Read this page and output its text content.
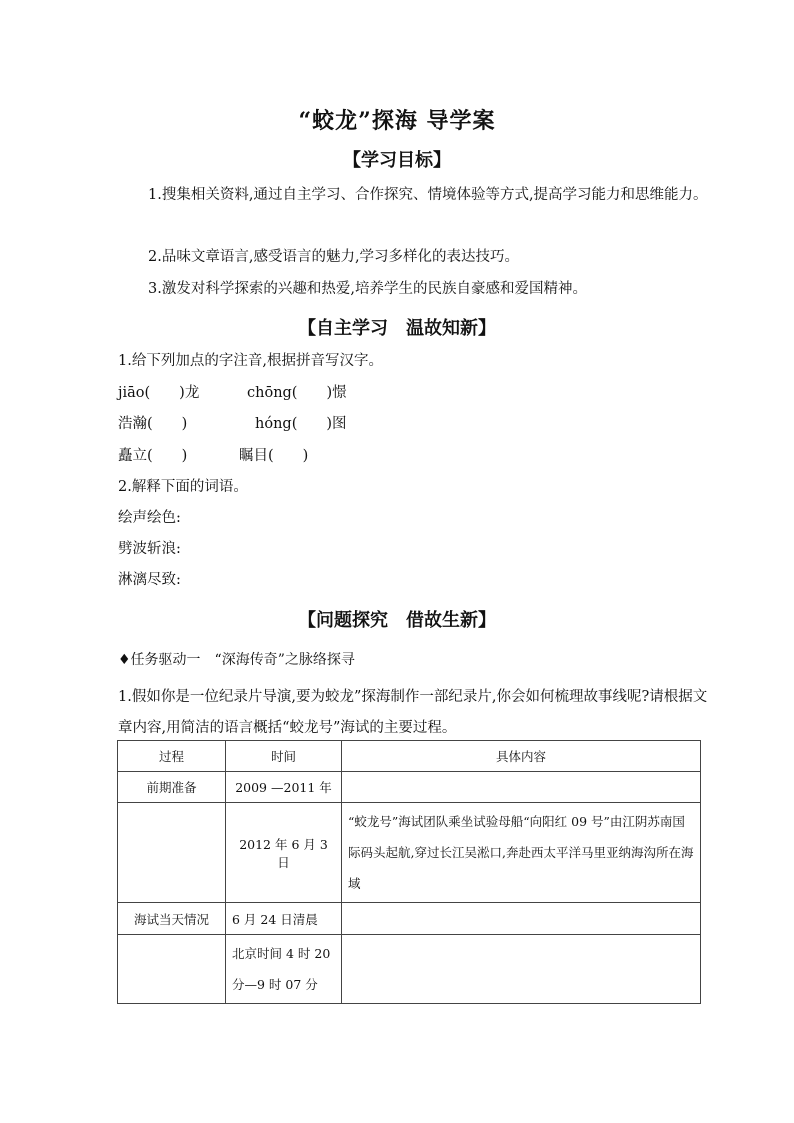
“蛟龙”探海 导学案
【学习目标】
1.搜集相关资料,通过自主学习、合作探究、情境体验等方式,提高学习能力和思维能力。
2.品味文章语言,感受语言的魅力,学习多样化的表达技巧。
3.激发对科学探索的兴趣和热爱,培养学生的民族自豪感和爱国精神。
【自主学习　温故知新】
1.给下列加点的字注音,根据拼音写汉字。
jiāo(　　)龙	chōng(　　)憬
浩瀚(　　)	hóng(　　)图
矗立(　　)	瞩目(　　)
2.解释下面的词语。
绘声绘色:
劈波斩浪:
淋漓尽致:
【问题探究　借故生新】
♦任务驱动一　“深海传奇”之脉络探寻
1.假如你是一位纪录片导演,要为蛟龙”探海制作一部纪录片,你会如何梳理故事线呢?请根据文章内容,用简洁的语言概括“蛟龙号”海试的主要过程。
过程	时间	具体内容
前期准备	2009 —2011 年	
	2012 年 6 月 3 日	“蛟龙号”海试团队乘坐试验母船“向阳红 09 号”由江阴苏南国际码头起航,穿过长江吴淞口,奔赴西太平洋马里亚纳海沟所在海域
海试当天情况	6 月 24 日清晨	
	北京时间 4 时 20 分—9 时 07 分	
